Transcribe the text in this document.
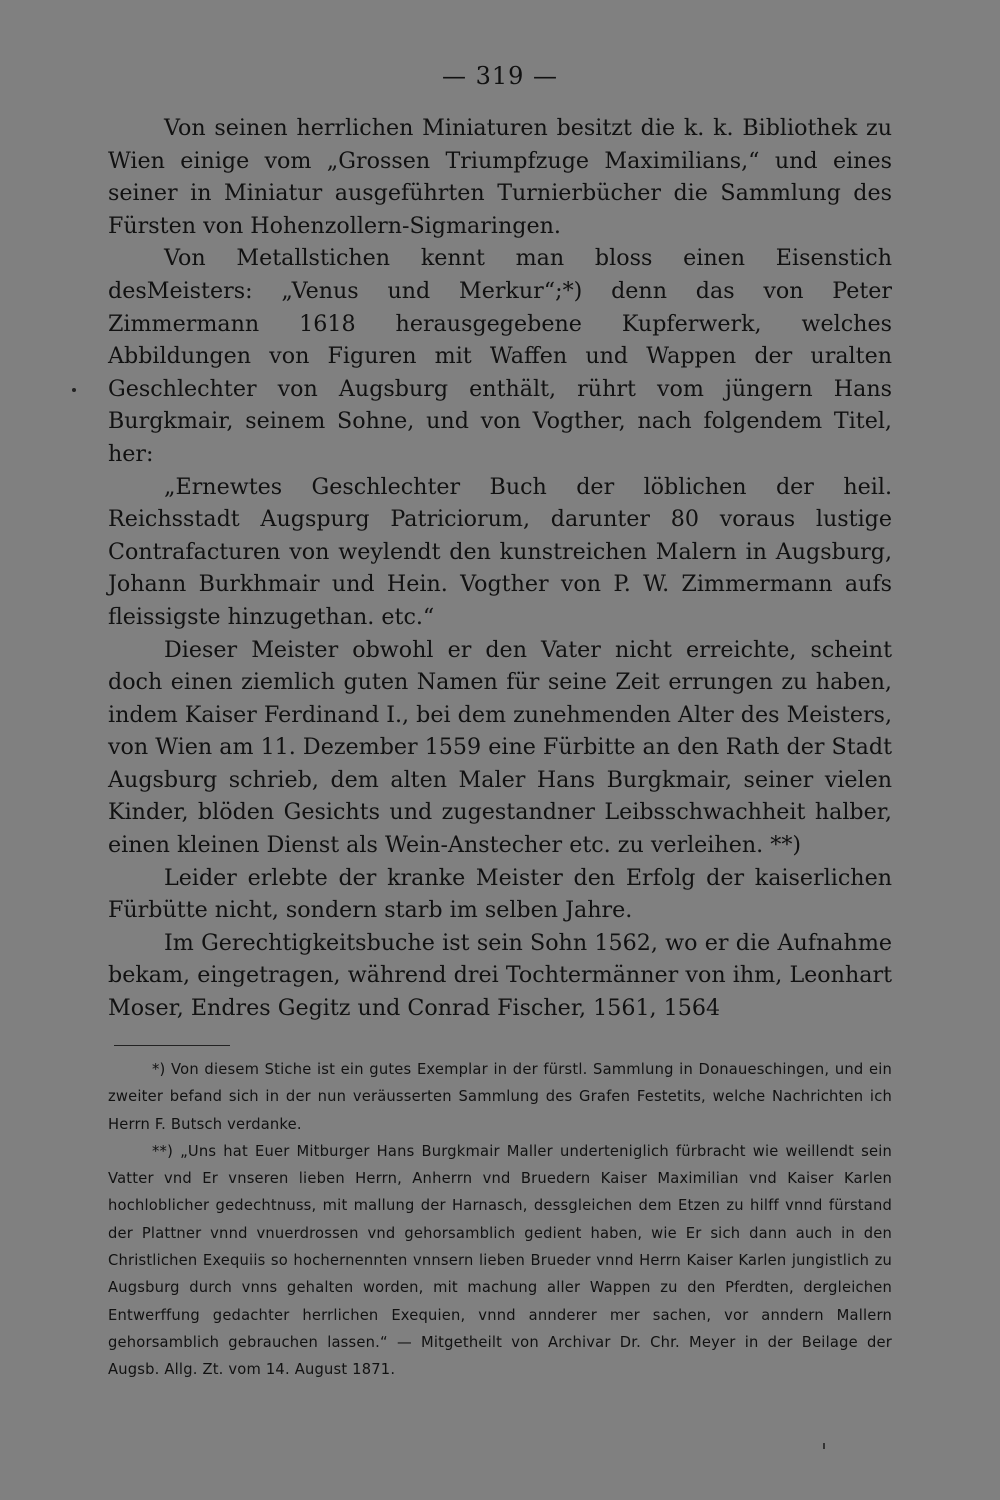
— 319 —

Von seinen herrlichen Miniaturen besitzt die k. k. Bibliothek zu Wien einige vom „Grossen Triumpfzuge Maximilians,“ und eines seiner in Miniatur ausgeführten Turnierbücher die Sammlung des Fürsten von Hohenzollern-Sigmaringen.

Von Metallstichen kennt man bloss einen Eisenstich desMeisters: „Venus und Merkur“;*) denn das von Peter Zimmermann 1618 herausgegebene Kupferwerk, welches Abbildungen von Figuren mit Waffen und Wappen der uralten Geschlechter von Augsburg enthält, rührt vom jüngern Hans Burgkmair, seinem Sohne, und von Vogther, nach folgendem Titel, her:

„Ernewtes Geschlechter Buch der löblichen der heil. Reichsstadt Augspurg Patriciorum, darunter 80 voraus lustige Contrafacturen von weylendt den kunstreichen Malern in Augsburg, Johann Burkhmair und Hein. Vogther von P. W. Zimmermann aufs fleissigste hinzugethan. etc.“

Dieser Meister obwohl er den Vater nicht erreichte, scheint doch einen ziemlich guten Namen für seine Zeit errungen zu haben, indem Kaiser Ferdinand I., bei dem zunehmenden Alter des Meisters, von Wien am 11. Dezember 1559 eine Fürbitte an den Rath der Stadt Augsburg schrieb, dem alten Maler Hans Burgkmair, seiner vielen Kinder, blöden Gesichts und zugestandner Leibsschwachheit halber, einen kleinen Dienst als Wein-Anstecher etc. zu verleihen. **)

Leider erlebte der kranke Meister den Erfolg der kaiserlichen Fürbütte nicht, sondern starb im selben Jahre.

Im Gerechtigkeitsbuche ist sein Sohn 1562, wo er die Aufnahme bekam, eingetragen, während drei Tochtermänner von ihm, Leonhart Moser, Endres Gegitz und Conrad Fischer, 1561, 1564

*) Von diesem Stiche ist ein gutes Exemplar in der fürstl. Sammlung in Donaueschingen, und ein zweiter befand sich in der nun veräusserten Sammlung des Grafen Festetits, welche Nachrichten ich Herrn F. Butsch verdanke.

**) „Uns hat Euer Mitburger Hans Burgkmair Maller underteniglich fürbracht wie weillendt sein Vatter vnd Er vnseren lieben Herrn, Anherrn vnd Bruedern Kaiser Maximilian vnd Kaiser Karlen hochloblicher gedechtnuss, mit mallung der Harnasch, dessgleichen dem Etzen zu hilff vnnd fürstand der Plattner vnnd vnuerdrossen vnd gehorsamblich gedient haben, wie Er sich dann auch in den Christlichen Exequiis so hochernennten vnnsern lieben Brueder vnnd Herrn Kaiser Karlen jungistlich zu Augsburg durch vnns gehalten worden, mit machung aller Wappen zu den Pferdten, dergleichen Entwerffung gedachter herrlichen Exequien, vnnd annderer mer sachen, vor anndern Mallern gehorsamblich gebrauchen lassen.“ — Mitgetheilt von Archivar Dr. Chr. Meyer in der Beilage der Augsb. Allg. Zt. vom 14. August 1871.
